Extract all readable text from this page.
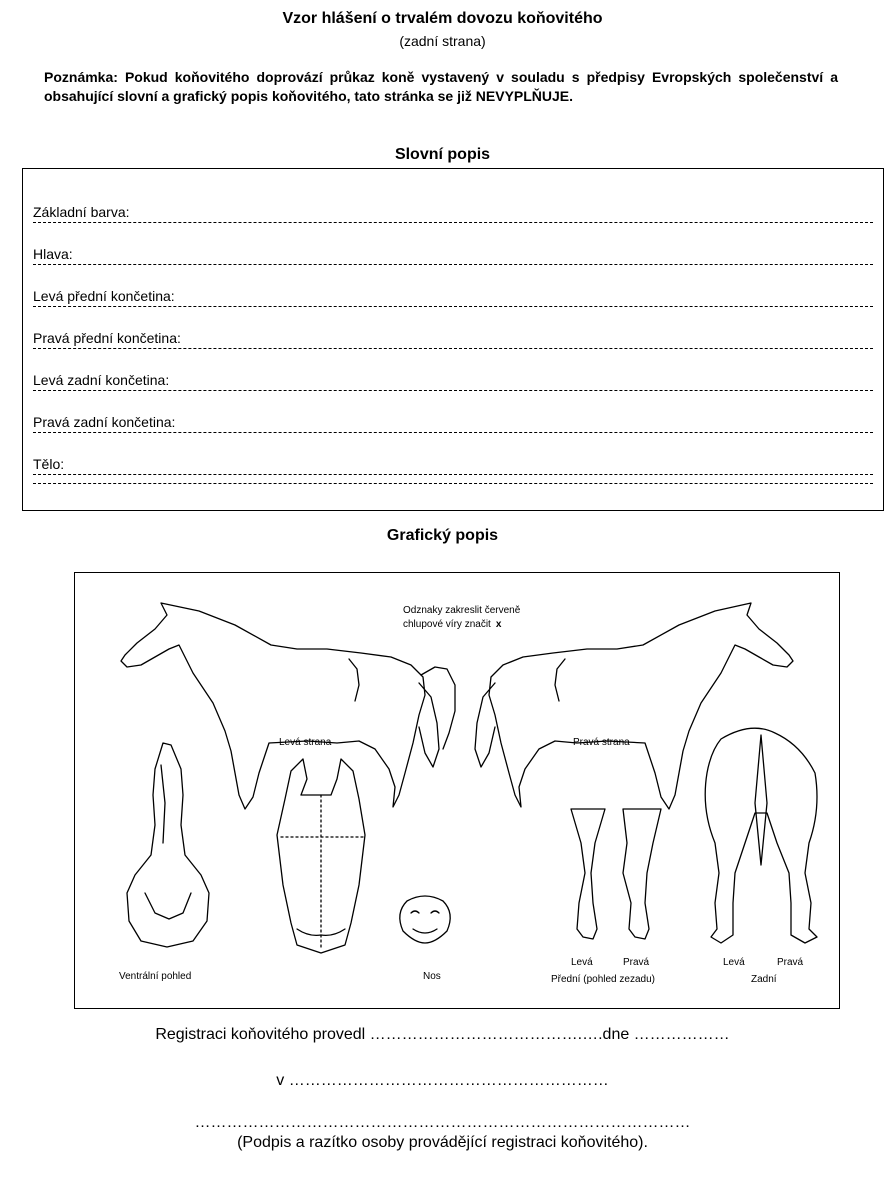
Vzor hlášení o trvalém dovozu koňovitého
(zadní strana)
Poznámka: Pokud koňovitého doprovází průkaz koně vystavený v souladu s předpisy Evropských společenství a obsahující slovní a grafický popis koňovitého, tato stránka se již NEVYPLŇUJE.
Slovní popis
Základní barva:
Hlava:
Levá přední končetina:
Pravá přední končetina:
Levá zadní končetina:
Pravá zadní končetina:
Tělo:
Grafický popis
Levá strana	Pravá strana
Odznaky zakreslit červeně
chlupové víry značit x
Ventrální pohled	Nos
Levá	Pravá
Přední (pohled zezadu)
Levá	Pravá
Zadní
Registraci koňovitého provedl ………………………………….….dne ………………
v ……………………………………………………
…………………………………………………………………………………
(Podpis a razítko osoby provádějící registraci koňovitého).
